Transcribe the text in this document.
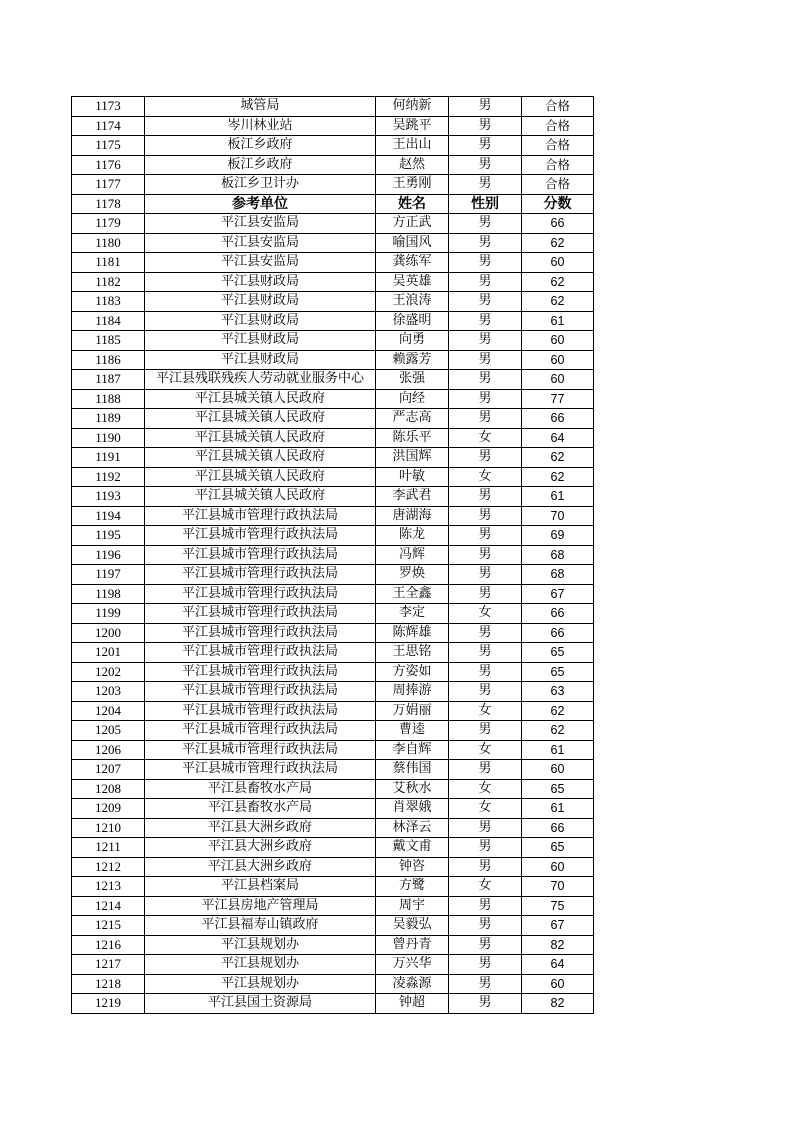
1173	城管局	何纳新	男	合格
1174	岑川林业站	吴跳平	男	合格
1175	板江乡政府	王出山	男	合格
1176	板江乡政府	赵然	男	合格
1177	板江乡卫计办	王勇刚	男	合格
1178	参考单位	姓名	性别	分数
1179	平江县安监局	方正武	男	66
1180	平江县安监局	喻国风	男	62
1181	平江县安监局	龚练军	男	60
1182	平江县财政局	吴英雄	男	62
1183	平江县财政局	王浪涛	男	62
1184	平江县财政局	徐盛明	男	61
1185	平江县财政局	向勇	男	60
1186	平江县财政局	赖露芳	男	60
1187	平江县残联残疾人劳动就业服务中心	张强	男	60
1188	平江县城关镇人民政府	向经	男	77
1189	平江县城关镇人民政府	严志高	男	66
1190	平江县城关镇人民政府	陈乐平	女	64
1191	平江县城关镇人民政府	洪国辉	男	62
1192	平江县城关镇人民政府	叶敏	女	62
1193	平江县城关镇人民政府	李武君	男	61
1194	平江县城市管理行政执法局	唐湖海	男	70
1195	平江县城市管理行政执法局	陈龙	男	69
1196	平江县城市管理行政执法局	冯辉	男	68
1197	平江县城市管理行政执法局	罗焕	男	68
1198	平江县城市管理行政执法局	王全鑫	男	67
1199	平江县城市管理行政执法局	李定	女	66
1200	平江县城市管理行政执法局	陈辉雄	男	66
1201	平江县城市管理行政执法局	王思铭	男	65
1202	平江县城市管理行政执法局	方姿如	男	65
1203	平江县城市管理行政执法局	周捧游	男	63
1204	平江县城市管理行政执法局	万娟丽	女	62
1205	平江县城市管理行政执法局	曹逵	男	62
1206	平江县城市管理行政执法局	李自辉	女	61
1207	平江县城市管理行政执法局	蔡伟国	男	60
1208	平江县畜牧水产局	艾秋水	女	65
1209	平江县畜牧水产局	肖翠娥	女	61
1210	平江县大洲乡政府	林泽云	男	66
1211	平江县大洲乡政府	戴文甫	男	65
1212	平江县大洲乡政府	钟咨	男	60
1213	平江县档案局	方鹭	女	70
1214	平江县房地产管理局	周宇	男	75
1215	平江县福寿山镇政府	吴毅弘	男	67
1216	平江县规划办	曾丹青	男	82
1217	平江县规划办	万兴华	男	64
1218	平江县规划办	凌淼源	男	60
1219	平江县国土资源局	钟超	男	82
